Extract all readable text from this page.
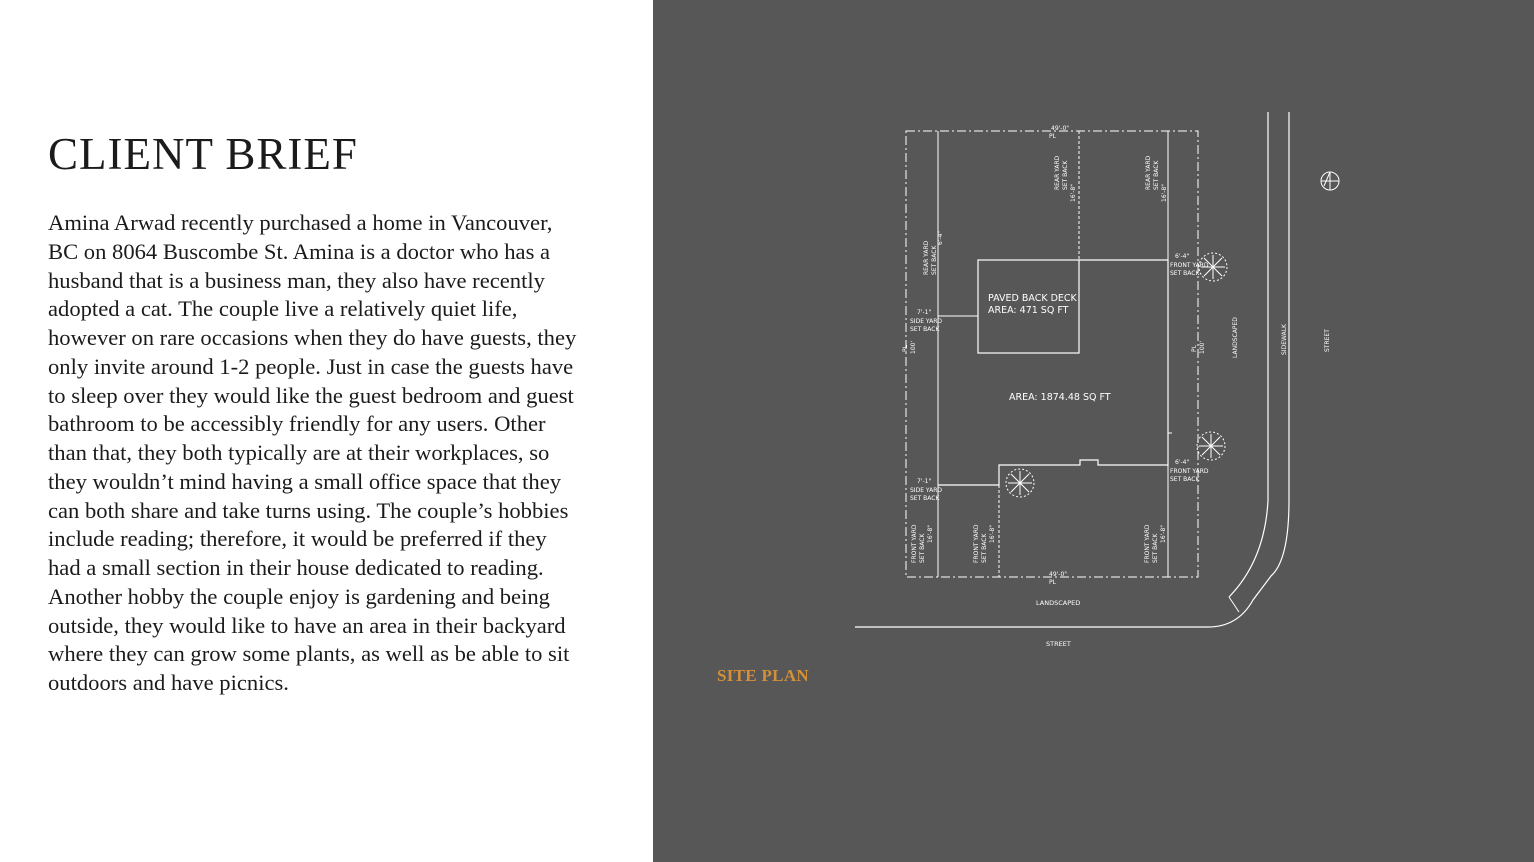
CLIENT BRIEF

Amina Arwad recently purchased a home in Vancouver,
BC on 8064 Buscombe St. Amina is a doctor who has a
husband that is a business man, they also have recently
adopted a cat. The couple live a relatively quiet life,
however on rare occasions when they do have guests, they
only invite around 1-2 people. Just in case the guests have
to sleep over they would like the guest bedroom and guest
bathroom to be accessibly friendly for any users. Other
than that, they both typically are at their workplaces, so
they wouldn’t mind having a small office space that they
can both share and take turns using. The couple’s hobbies
include reading; therefore, it would be preferred if they
had a small section in their house dedicated to reading.
Another hobby the couple enjoy is gardening and being
outside, they would like to have an area in their backyard
where they can grow some plants, as well as be able to sit
outdoors and have picnics.

PAVED BACK DECK
AREA: 471 SQ FT
AREA: 1874.48 SQ FT
STREET
LANDSCAPED
49'-0"
PL
49'-0"
PL
7'-1"
SIDE YARD
SET BACK
7'-1"
SIDE YARD
SET BACK
6'-4"
FRONT YARD
SET BACK
6'-4"
FRONT YARD
SET BACK
REAR YARD SET BACK
16'-8"
REAR YARD SET BACK
16'-8"
REAR YARD SET BACK
6'-4"
FRONT YARD SET BACK 16'-8"	FRONT YARD SET BACK 16'-8"	FRONT YARD SET BACK 16'-8"
PL 100'	PL 100'	LANDSCAPED	SIDEWALK	STREET
SITE PLAN
